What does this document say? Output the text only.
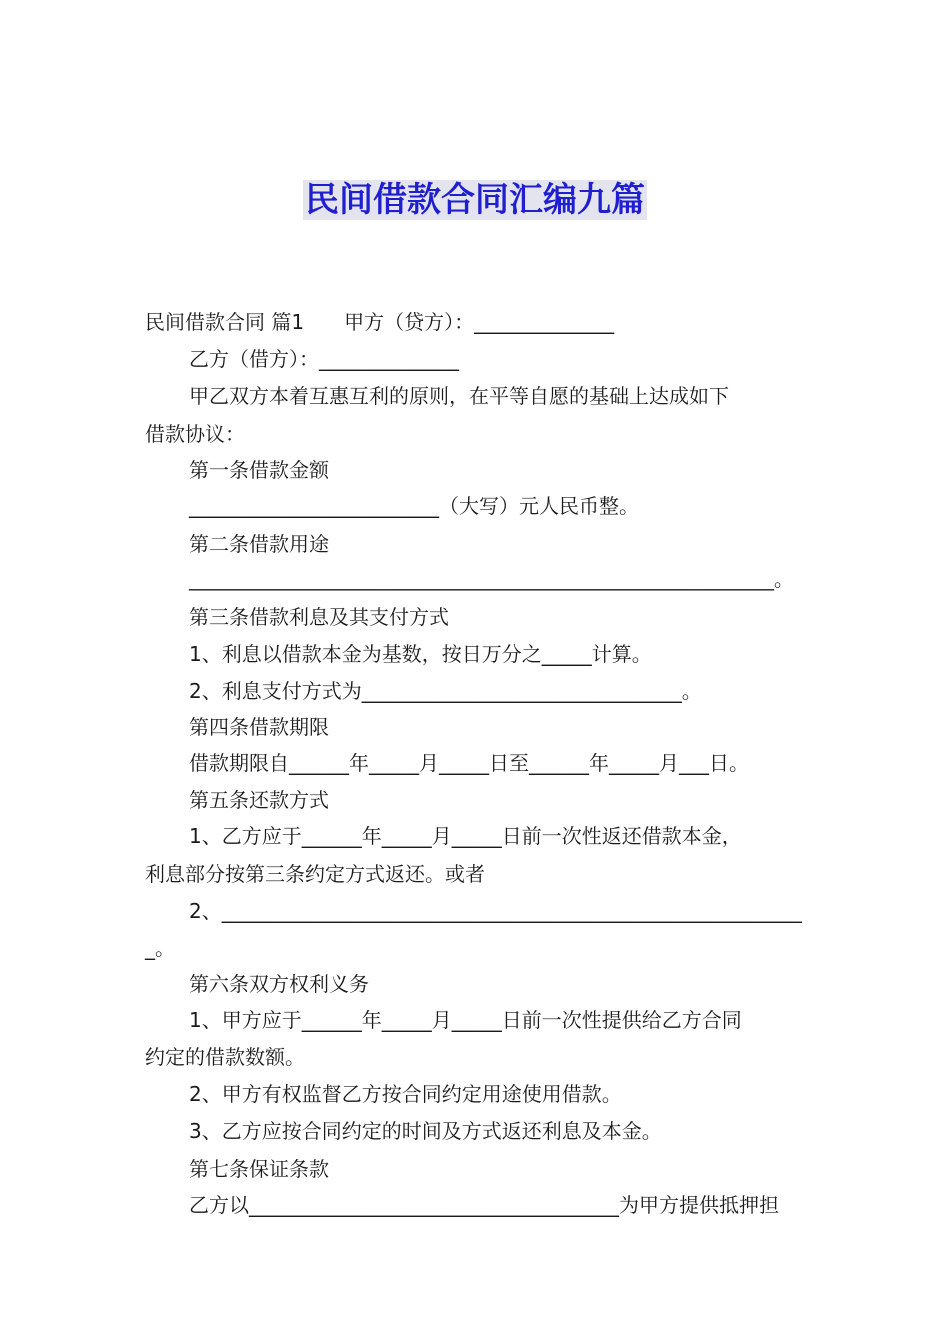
民间借款合同汇编九篇
民间借款合同 篇1　　甲方（贷方）：______________
乙方（借方）：______________
甲乙双方本着互惠互利的原则，在平等自愿的基础上达成如下
借款协议：
第一条借款金额
_________________________（大写）元人民币整。
第二条借款用途
____________________________________________________________。
第三条借款利息及其支付方式
1、利息以借款本金为基数，按日万分之_____计算。
2、利息支付方式为________________________________。
第四条借款期限
借款期限自______年_____月_____日至______年_____月___日。
第五条还款方式
1、乙方应于______年_____月_____日前一次性返还借款本金，
利息部分按第三条约定方式返还。或者
2、__________________________________________________________
_。
第六条双方权利义务
1、甲方应于______年_____月_____日前一次性提供给乙方合同
约定的借款数额。
2、甲方有权监督乙方按合同约定用途使用借款。
3、乙方应按合同约定的时间及方式返还利息及本金。
第七条保证条款
乙方以_____________________________________为甲方提供抵押担
